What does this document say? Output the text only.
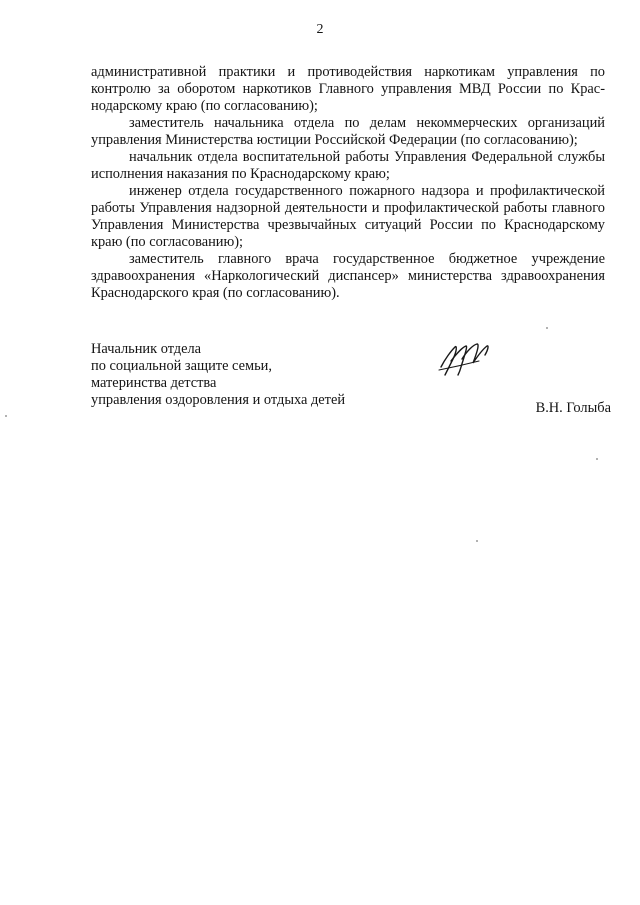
2

административной практики и противодействия наркотикам управления по контролю за оборотом наркотиков Главного управления МВД России по Краснодарскому краю (по согласованию);

заместитель начальника отдела по делам некоммерческих организаций управления Министерства юстиции Российской Федерации (по согласованию);

начальник отдела воспитательной работы Управления Федеральной службы исполнения наказания по Краснодарскому краю;

инженер отдела государственного пожарного надзора и профилактической работы Управления надзорной деятельности и профилактической работы главного Управления Министерства чрезвычайных ситуаций России по Краснодарскому краю (по согласованию);

заместитель главного врача государственное бюджетное учреждение здравоохранения «Наркологический диспансер» министерства здравоохранения Краснодарского края (по согласованию).

Начальник отдела
по социальной защите семьи,
материнства детства
управления оздоровления и отдыха детей	В.Н. Голыба
